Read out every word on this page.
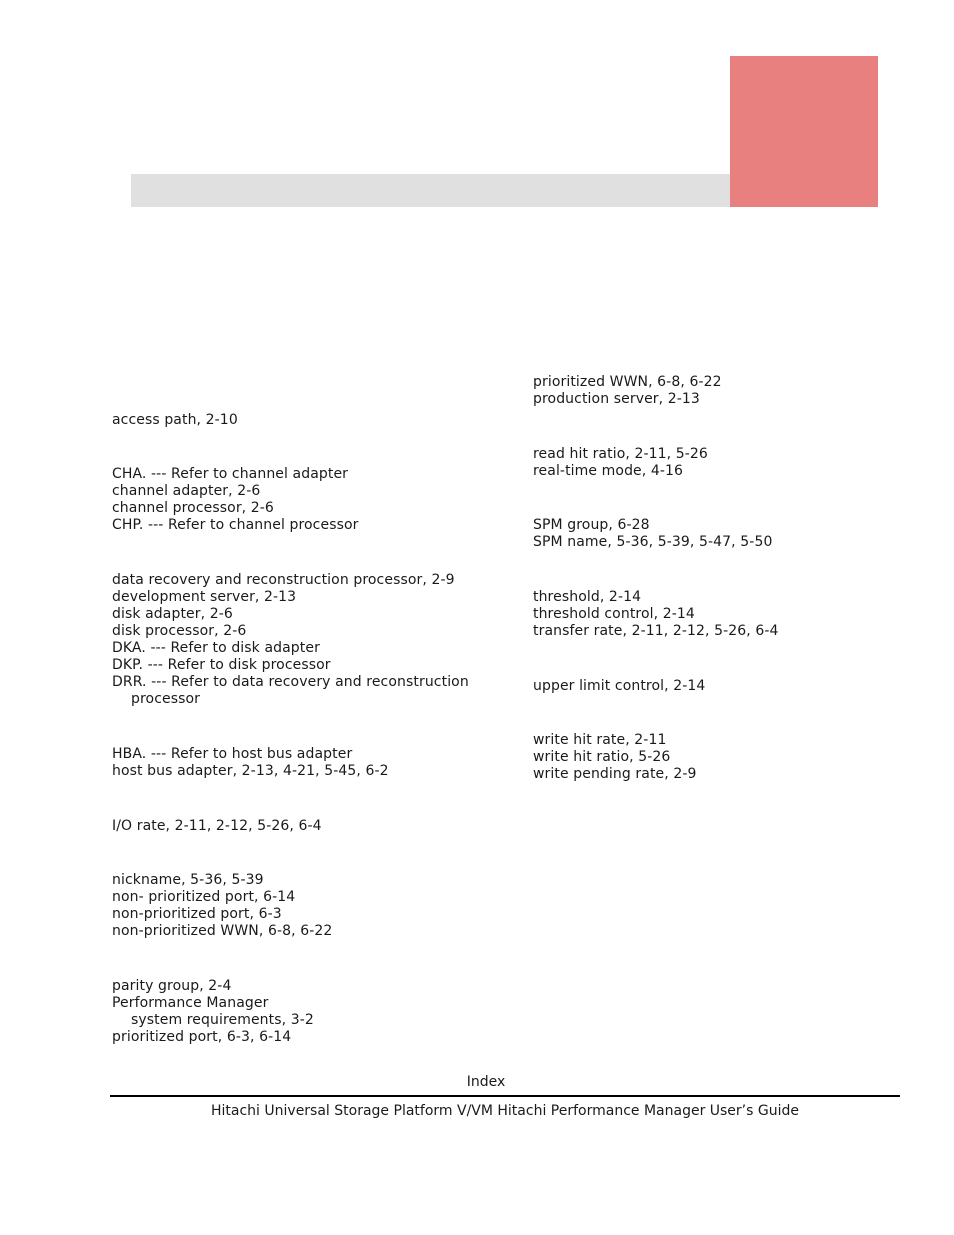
access path, 2-10
CHA. --- Refer to channel adapter
channel adapter, 2-6
channel processor, 2-6
CHP. --- Refer to channel processor
data recovery and reconstruction processor, 2-9
development server, 2-13
disk adapter, 2-6
disk processor, 2-6
DKA. --- Refer to disk adapter
DKP. --- Refer to disk processor
DRR. --- Refer to data recovery and reconstruction
processor
HBA. --- Refer to host bus adapter
host bus adapter, 2-13, 4-21, 5-45, 6-2
I/O rate, 2-11, 2-12, 5-26, 6-4
nickname, 5-36, 5-39
non- prioritized port, 6-14
non-prioritized port, 6-3
non-prioritized WWN, 6-8, 6-22
parity group, 2-4
Performance Manager
system requirements, 3-2
prioritized port, 6-3, 6-14
prioritized WWN, 6-8, 6-22
production server, 2-13
read hit ratio, 2-11, 5-26
real-time mode, 4-16
SPM group, 6-28
SPM name, 5-36, 5-39, 5-47, 5-50
threshold, 2-14
threshold control, 2-14
transfer rate, 2-11, 2-12, 5-26, 6-4
upper limit control, 2-14
write hit rate, 2-11
write hit ratio, 5-26
write pending rate, 2-9
Index
Hitachi Universal Storage Platform V/VM Hitachi Performance Manager User’s Guide
